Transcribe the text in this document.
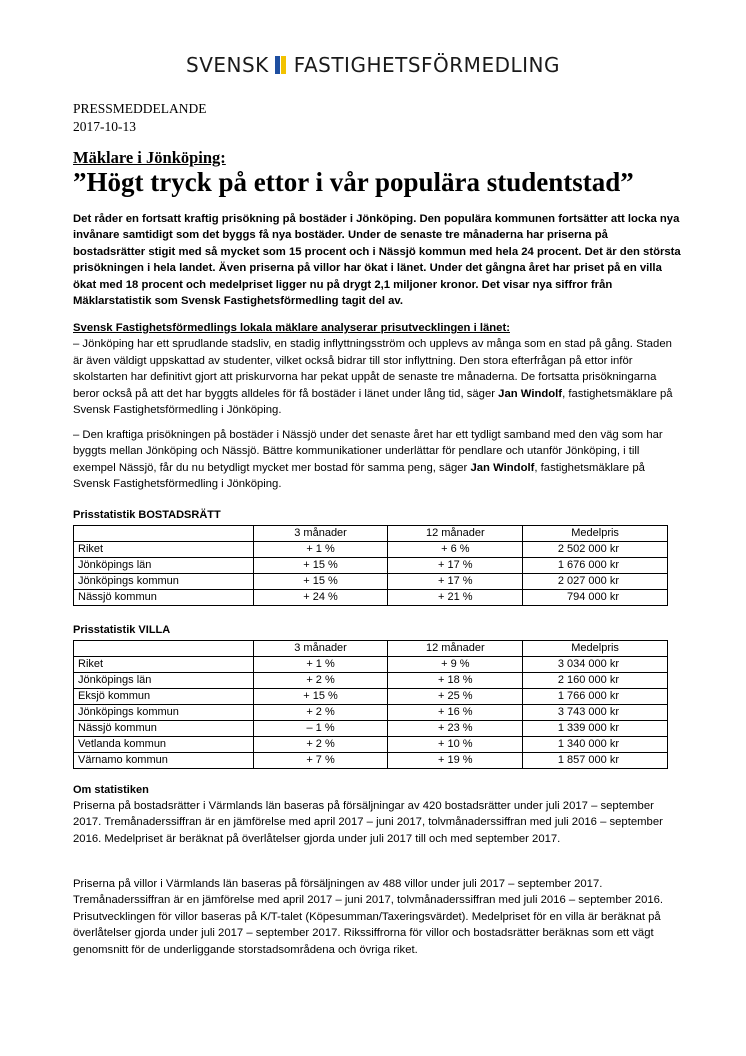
SVENSK FASTIGHETSFÖRMEDLING
PRESSMEDDELANDE
2017-10-13
Mäklare i Jönköping:
”Högt tryck på ettor i vår populära studentstad”
Det råder en fortsatt kraftig prisökning på bostäder i Jönköping. Den populära kommunen fortsätter att locka nya invånare samtidigt som det byggs få nya bostäder. Under de senaste tre månaderna har priserna på bostadsrätter stigit med så mycket som 15 procent och i Nässjö kommun med hela 24 procent. Det är den största prisökningen i hela landet. Även priserna på villor har ökat i länet. Under det gångna året har priset på en villa ökat med 18 procent och medelpriset ligger nu på drygt 2,1 miljoner kronor. Det visar nya siffror från Mäklarstatistik som Svensk Fastighetsförmedling tagit del av.
Svensk Fastighetsförmedlings lokala mäklare analyserar prisutvecklingen i länet:
– Jönköping har ett sprudlande stadsliv, en stadig inflyttningsström och upplevs av många som en stad på gång. Staden är även väldigt uppskattad av studenter, vilket också bidrar till stor inflyttning. Den stora efterfrågan på ettor inför skolstarten har definitivt gjort att priskurvorna har pekat uppåt de senaste tre månaderna. De fortsatta prisökningarna beror också på att det har byggts alldeles för få bostäder i länet under lång tid, säger Jan Windolf, fastighetsmäklare på Svensk Fastighetsförmedling i Jönköping.
– Den kraftiga prisökningen på bostäder i Nässjö under det senaste året har ett tydligt samband med den väg som har byggts mellan Jönköping och Nässjö. Bättre kommunikationer underlättar för pendlare och utanför Jönköping, i till exempel Nässjö, får du nu betydligt mycket mer bostad för samma peng, säger Jan Windolf, fastighetsmäklare på Svensk Fastighetsförmedling i Jönköping.
Prisstatistik BOSTADSRÄTT
	3 månader	12 månader	Medelpris
Riket	+ 1 %	+ 6 %	2 502 000 kr
Jönköpings län	+ 15 %	+ 17 %	1 676 000 kr
Jönköpings kommun	+ 15 %	+ 17 %	2 027 000 kr
Nässjö kommun	+ 24 %	+ 21 %	794 000 kr
Prisstatistik VILLA
	3 månader	12 månader	Medelpris
Riket	+ 1 %	+ 9 %	3 034 000 kr
Jönköpings län	+ 2 %	+ 18 %	2 160 000 kr
Eksjö kommun	+ 15 %	+ 25 %	1 766 000 kr
Jönköpings kommun	+ 2 %	+ 16 %	3 743 000 kr
Nässjö kommun	– 1 %	+ 23 %	1 339 000 kr
Vetlanda kommun	+ 2 %	+ 10 %	1 340 000 kr
Värnamo kommun	+ 7 %	+ 19 %	1 857 000 kr
Om statistiken
Priserna på bostadsrätter i Värmlands län baseras på försäljningar av 420 bostadsrätter under juli 2017 – september 2017. Tremånaderssiffran är en jämförelse med april 2017 – juni 2017, tolvmånaderssiffran med juli 2016 – september 2016. Medelpriset är beräknat på överlåtelser gjorda under juli 2017 till och med september 2017.
Priserna på villor i Värmlands län baseras på försäljningen av 488 villor under juli 2017 – september 2017. Tremånaderssiffran är en jämförelse med april 2017 – juni 2017, tolvmånaderssiffran med juli 2016 – september 2016. Prisutvecklingen för villor baseras på K/T-talet (Köpesumman/Taxeringsvärdet). Medelpriset för en villa är beräknat på överlåtelser gjorda under juli 2017 – september 2017. Rikssiffrorna för villor och bostadsrätter beräknas som ett vägt genomsnitt för de underliggande storstadsområdena och övriga riket.
